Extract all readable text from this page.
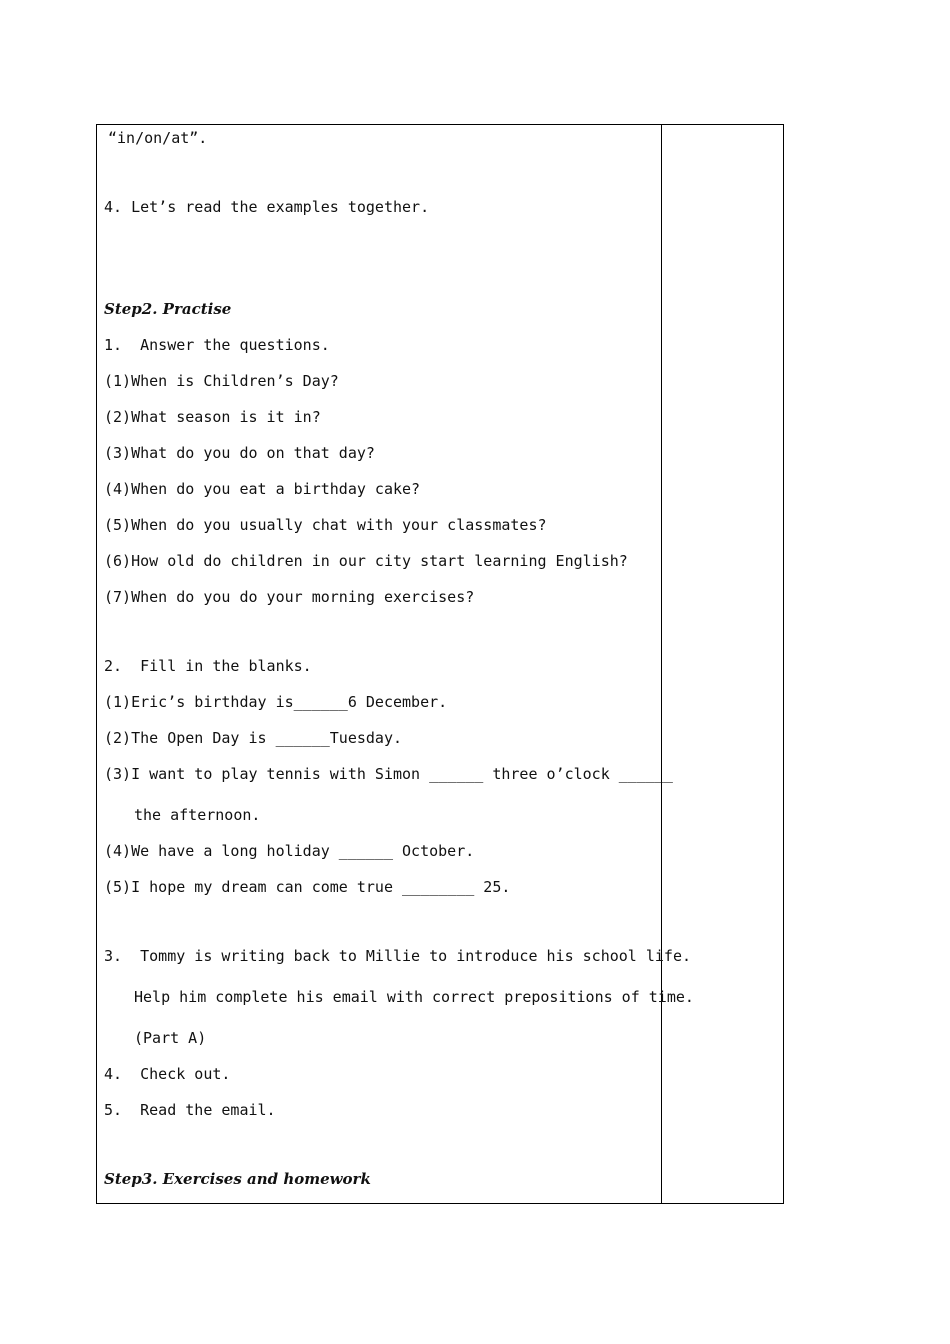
“in/on/at”.
4. Let’s read the examples together.
Step2. Practise
1.  Answer the questions.
(1)When is Children’s Day?
(2)What season is it in?
(3)What do you do on that day?
(4)When do you eat a birthday cake?
(5)When do you usually chat with your classmates?
(6)How old do children in our city start learning English?
(7)When do you do your morning exercises?
2.  Fill in the blanks.
(1)Eric’s birthday is______6 December.
(2)The Open Day is ______Tuesday.
(3)I want to play tennis with Simon ______ three o’clock ______
the afternoon.
(4)We have a long holiday ______ October.
(5)I hope my dream can come true ________ 25.
3.  Tommy is writing back to Millie to introduce his school life.
Help him complete his email with correct prepositions of time.
(Part A)
4.  Check out.
5.  Read the email.
Step3. Exercises and homework
